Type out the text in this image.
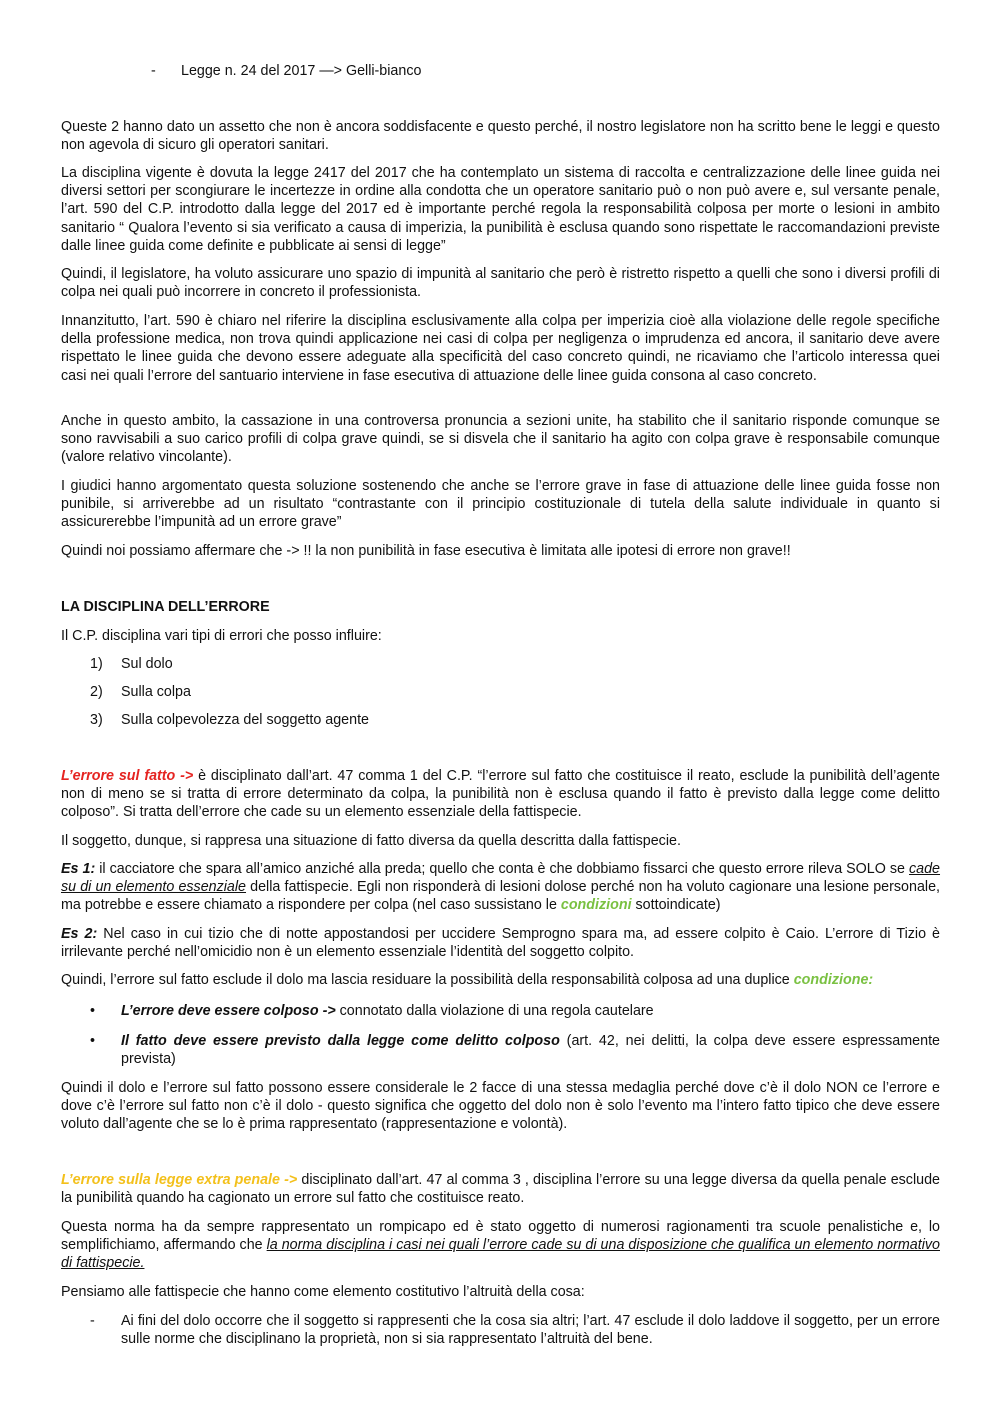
- Legge n. 24 del 2017 —> Gelli-bianco

Queste 2 hanno dato un assetto che non è ancora soddisfacente e questo perché, il nostro legislatore non ha scritto bene le leggi e questo non agevola di sicuro gli operatori sanitari.

La disciplina vigente è dovuta la legge 2417 del 2017 che ha contemplato un sistema di raccolta e centralizzazione delle linee guida nei diversi settori per scongiurare le incertezze in ordine alla condotta che un operatore sanitario può o non può avere e, sul versante penale, l’art. 590 del C.P. introdotto dalla legge del 2017 ed è importante perché regola la responsabilità colposa per morte o lesioni in ambito sanitario “ Qualora l’evento si sia verificato a causa di imperizia, la punibilità è esclusa quando sono rispettate le raccomandazioni previste dalle linee guida come definite e pubblicate ai sensi di legge”

Quindi, il legislatore, ha voluto assicurare uno spazio di impunità al sanitario che però è ristretto rispetto a quelli che sono i diversi profili di colpa nei quali può incorrere in concreto il professionista.

Innanzitutto, l’art. 590 è chiaro nel riferire la disciplina esclusivamente alla colpa per imperizia cioè alla violazione delle regole specifiche della professione medica, non trova quindi applicazione nei casi di colpa per negligenza o imprudenza ed ancora, il sanitario deve avere rispettato le linee guida che devono essere adeguate alla specificità del caso concreto quindi, ne ricaviamo che l’articolo interessa quei casi nei quali l’errore del santuario interviene in fase esecutiva di attuazione delle linee guida consona al caso concreto.

Anche in questo ambito, la cassazione in una controversa pronuncia a sezioni unite, ha stabilito che il sanitario risponde comunque se sono ravvisabili a suo carico profili di colpa grave quindi, se si disvela che il sanitario ha agito con colpa grave è responsabile comunque (valore relativo vincolante).

I giudici hanno argomentato questa soluzione sostenendo che anche se l’errore grave in fase di attuazione delle linee guida fosse non punibile, si arriverebbe ad un risultato “contrastante con il principio costituzionale di tutela della salute individuale in quanto si assicurerebbe l’impunità ad un errore grave”

Quindi noi possiamo affermare che -> !! la non punibilità in fase esecutiva è limitata alle ipotesi di errore non grave!!

LA DISCIPLINA DELL’ERRORE

Il C.P. disciplina vari tipi di errori che posso influire:

1) Sul dolo
2) Sulla colpa
3) Sulla colpevolezza del soggetto agente

L’errore sul fatto -> è disciplinato dall’art. 47 comma 1 del C.P. “l’errore sul fatto che costituisce il reato, esclude la punibilità dell’agente non di meno se si tratta di errore determinato da colpa, la punibilità non è esclusa quando il fatto è previsto dalla legge come delitto colposo”. Si tratta dell’errore che cade su un elemento essenziale della fattispecie.

Il soggetto, dunque, si rappresa una situazione di fatto diversa da quella descritta dalla fattispecie.

Es 1: il cacciatore che spara all’amico anziché alla preda; quello che conta è che dobbiamo fissarci che questo errore rileva SOLO se cade su di un elemento essenziale della fattispecie. Egli non risponderà di lesioni dolose perché non ha voluto cagionare una lesione personale, ma potrebbe e essere chiamato a rispondere per colpa (nel caso sussistano le condizioni sottoindicate)

Es 2: Nel caso in cui tizio che di notte appostandosi per uccidere Semprogno spara ma, ad essere colpito è Caio. L’errore di Tizio è irrilevante perché nell’omicidio non è un elemento essenziale l’identità del soggetto colpito.

Quindi, l’errore sul fatto esclude il dolo ma lascia residuare la possibilità della responsabilità colposa ad una duplice condizione:

• L’errore deve essere colposo -> connotato dalla violazione di una regola cautelare
• Il fatto deve essere previsto dalla legge come delitto colposo (art. 42, nei delitti, la colpa deve essere espressamente prevista)

Quindi il dolo e l’errore sul fatto possono essere considerale le 2 facce di una stessa medaglia perché dove c’è il dolo NON ce l’errore e dove c’è l’errore sul fatto non c’è il dolo - questo significa che oggetto del dolo non è solo l’evento ma l’intero fatto tipico che deve essere voluto dall’agente che se lo è prima rappresentato (rappresentazione e volontà).

L’errore sulla legge extra penale -> disciplinato dall’art. 47 al comma 3 , disciplina l’errore su una legge diversa da quella penale esclude la punibilità quando ha cagionato un errore sul fatto che costituisce reato.

Questa norma ha da sempre rappresentato un rompicapo ed è stato oggetto di numerosi ragionamenti tra scuole penalistiche e, lo semplifichiamo, affermando che la norma disciplina i casi nei quali l’errore cade su di una disposizione che qualifica un elemento normativo di fattispecie.

Pensiamo alle fattispecie che hanno come elemento costitutivo l’altruità della cosa:

- Ai fini del dolo occorre che il soggetto si rappresenti che la cosa sia altri; l’art. 47 esclude il dolo laddove il soggetto, per un errore sulle norme che disciplinano la proprietà, non si sia rappresentato l’altruità del bene.
